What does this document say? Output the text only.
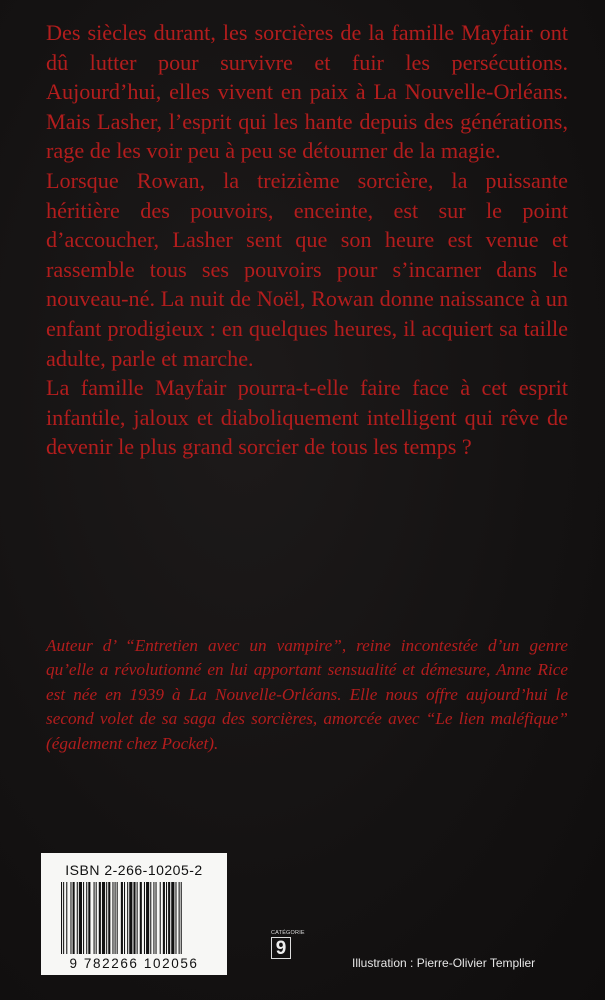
Des siècles durant, les sorcières de la famille Mayfair ont dû lutter pour survivre et fuir les persécutions. Aujourd’hui, elles vivent en paix à La Nouvelle-Orléans. Mais Lasher, l’esprit qui les hante depuis des générations, rage de les voir peu à peu se détourner de la magie.

Lorsque Rowan, la treizième sorcière, la puissante héritière des pouvoirs, enceinte, est sur le point d’accoucher, Lasher sent que son heure est venue et rassemble tous ses pouvoirs pour s’incarner dans le nouveau-né. La nuit de Noël, Rowan donne naissance à un enfant prodigieux : en quelques heures, il acquiert sa taille adulte, parle et marche.

La famille Mayfair pourra-t-elle faire face à cet esprit infantile, jaloux et diaboliquement intelligent qui rêve de devenir le plus grand sorcier de tous les temps ?

Auteur d’ “Entretien avec un vampire”, reine incontestée d’un genre qu’elle a révolutionné en lui apportant sensualité et démesure, Anne Rice est née en 1939 à La Nouvelle-Orléans. Elle nous offre aujourd’hui le second volet de sa saga des sorcières, amorcée avec “Le lien maléfique” (également chez Pocket).
ISBN 2-266-10205-2
9 782266 102056
CATÉGORIE
9
Illustration : Pierre-Olivier Templier
